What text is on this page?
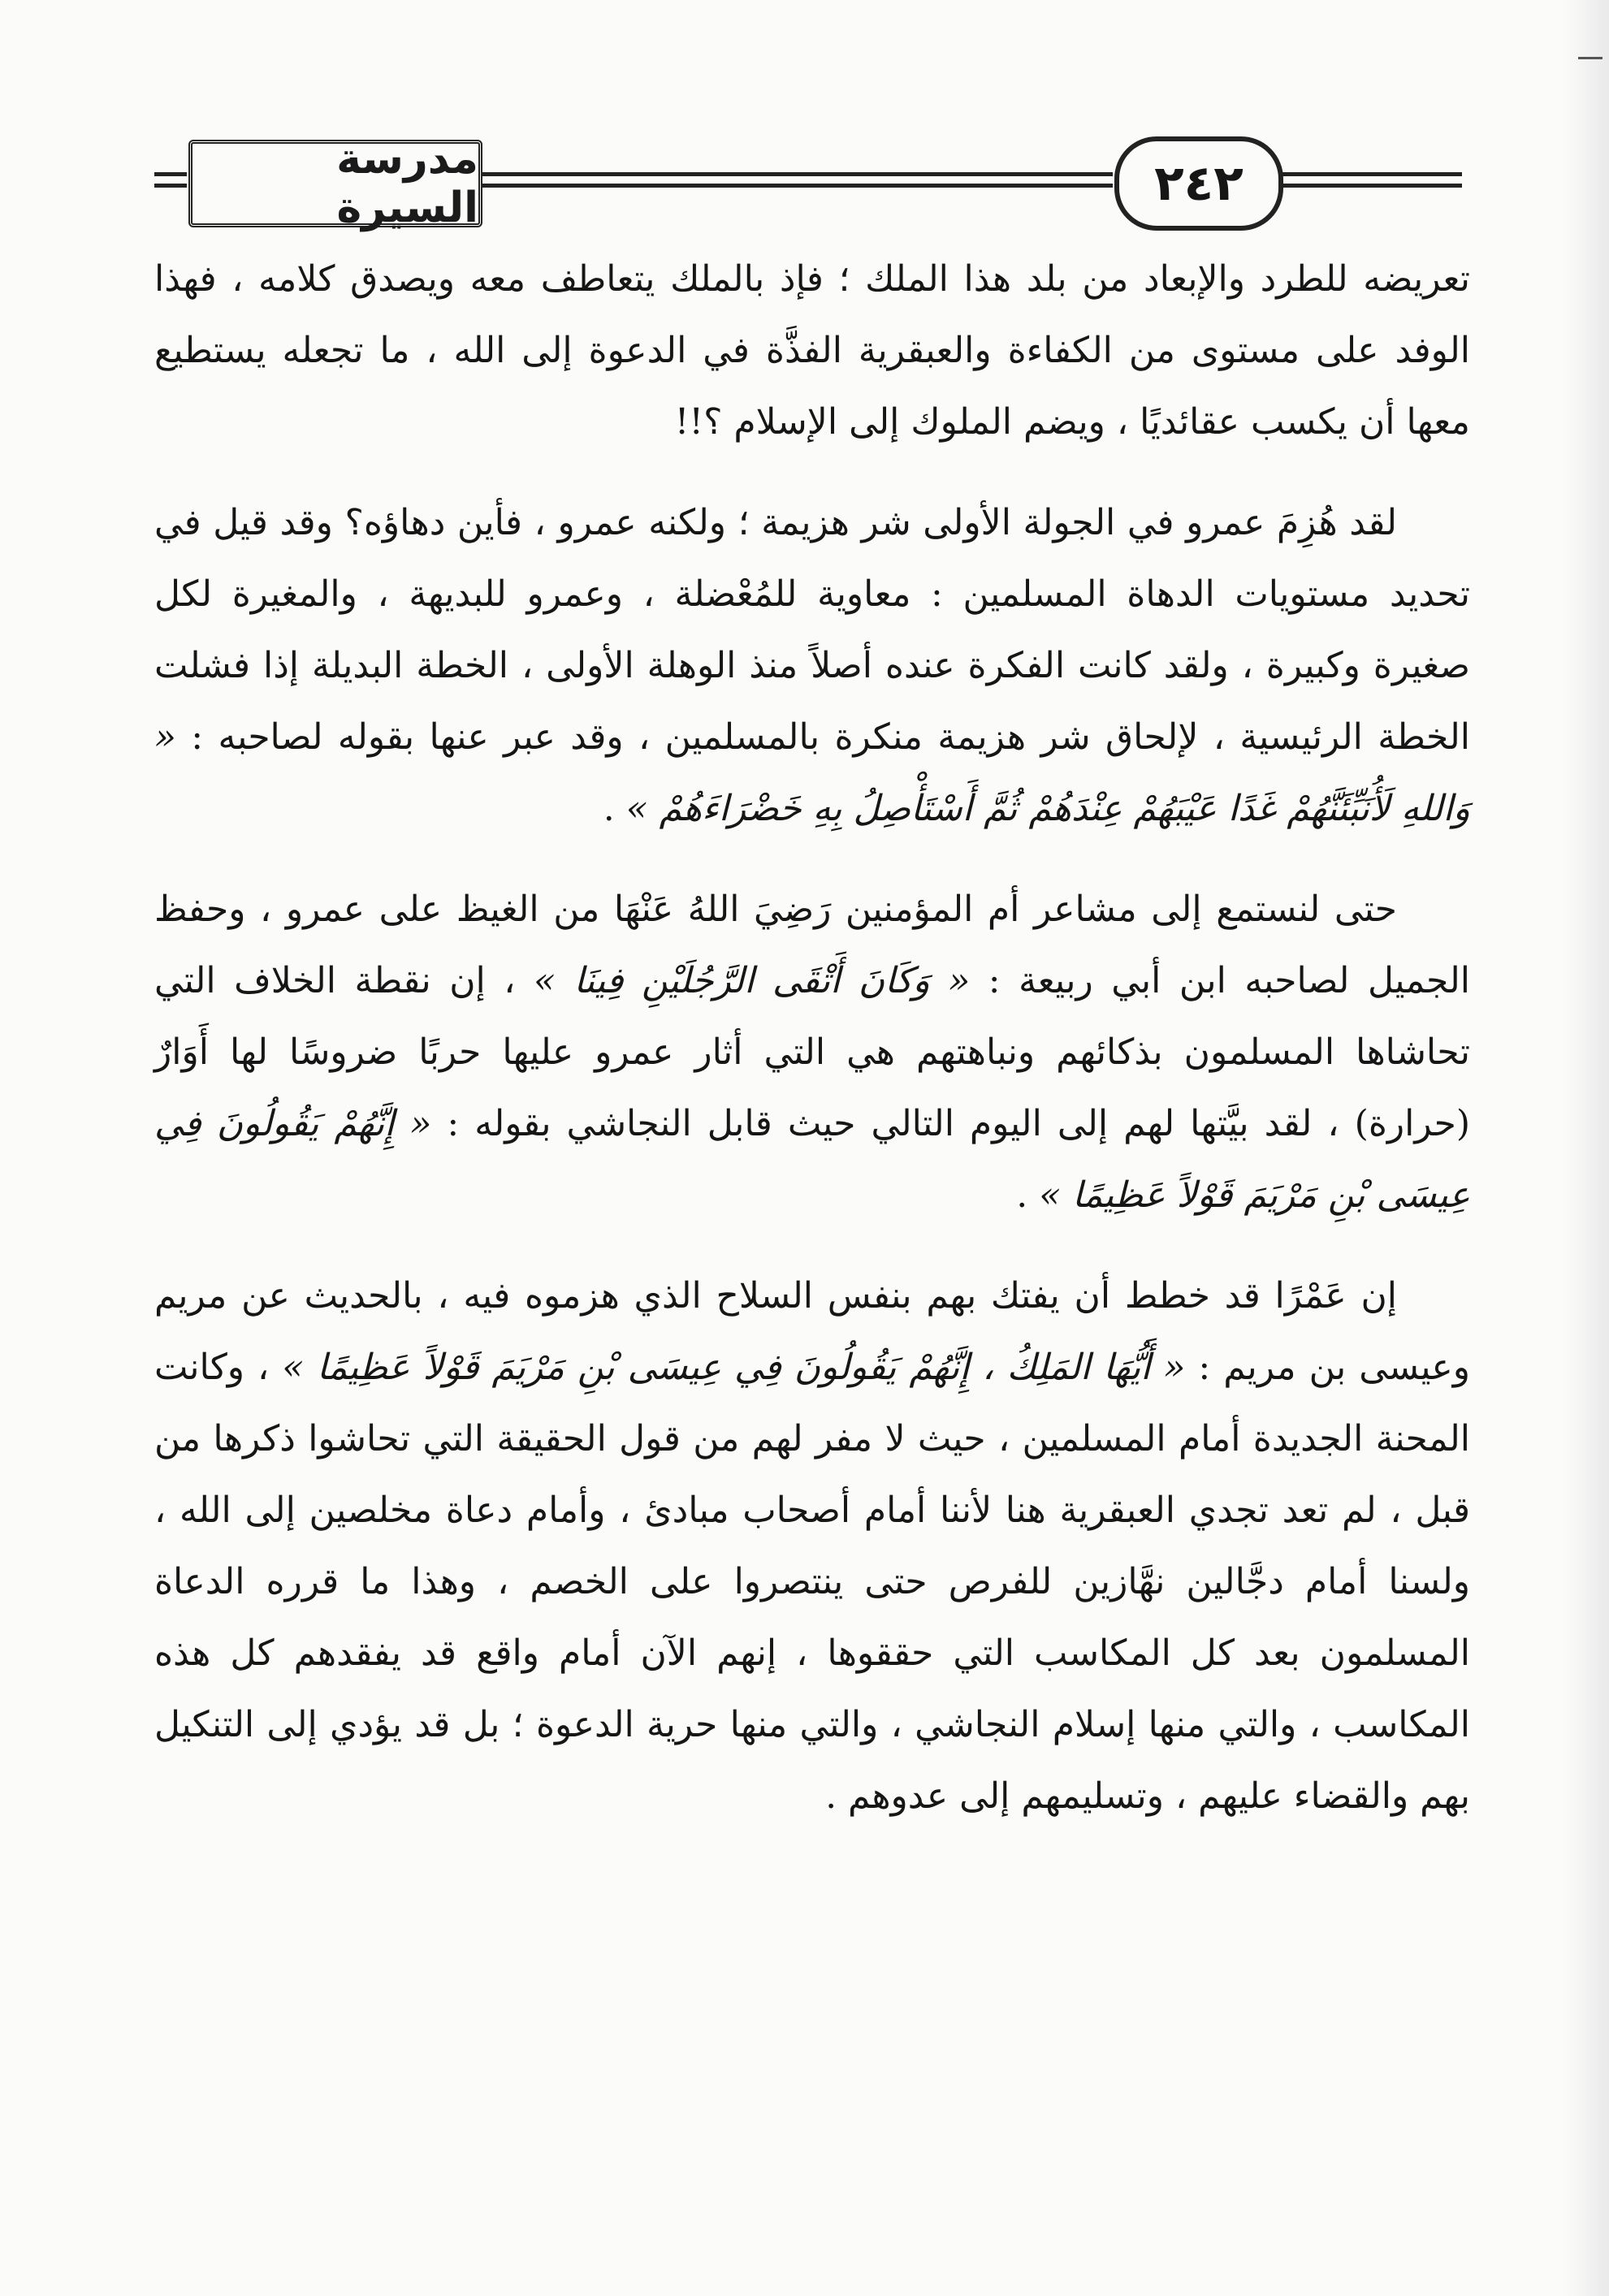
مدرسة السيرة	٢٤٢

تعريضه للطرد والإبعاد من بلد هذا الملك ؛ فإذ بالملك يتعاطف معه ويصدق كلامه ، فهذا الوفد على مستوى من الكفاءة والعبقرية الفذَّة في الدعوة إلى الله ، ما تجعله يستطيع معها أن يكسب عقائديًا ، ويضم الملوك إلى الإسلام ؟!!

لقد هُزِمَ عمرو في الجولة الأولى شر هزيمة ؛ ولكنه عمرو ، فأين دهاؤه؟ وقد قيل في تحديد مستويات الدهاة المسلمين : معاوية للمُعْضلة ، وعمرو للبديهة ، والمغيرة لكل صغيرة وكبيرة ، ولقد كانت الفكرة عنده أصلاً منذ الوهلة الأولى ، الخطة البديلة إذا فشلت الخطة الرئيسية ، لإلحاق شر هزيمة منكرة بالمسلمين ، وقد عبر عنها بقوله لصاحبه : « وَاللهِ لَأُنَبِّئَنَّهُمْ غَدًا عَيْبَهُمْ عِنْدَهُمْ ثُمَّ أَسْتَأْصِلُ بِهِ خَضْرَاءَهُمْ » .

حتى لنستمع إلى مشاعر أم المؤمنين رَضِيَ اللهُ عَنْهَا من الغيظ على عمرو ، وحفظ الجميل لصاحبه ابن أبي ربيعة : « وَكَانَ أَتْقَى الرَّجُلَيْنِ فِينَا » ، إن نقطة الخلاف التي تحاشاها المسلمون بذكائهم ونباهتهم هي التي أثار عمرو عليها حربًا ضروسًا لها أَوَارٌ (حرارة) ، لقد بيَّتها لهم إلى اليوم التالي حيث قابل النجاشي بقوله : « إِنَّهُمْ يَقُولُونَ فِي عِيسَى بْنِ مَرْيَمَ قَوْلاً عَظِيمًا » .

إن عَمْرًا قد خطط أن يفتك بهم بنفس السلاح الذي هزموه فيه ، بالحديث عن مريم وعيسى بن مريم : « أَيُّهَا المَلِكُ ، إِنَّهُمْ يَقُولُونَ فِي عِيسَى بْنِ مَرْيَمَ قَوْلاً عَظِيمًا » ، وكانت المحنة الجديدة أمام المسلمين ، حيث لا مفر لهم من قول الحقيقة التي تحاشوا ذكرها من قبل ، لم تعد تجدي العبقرية هنا لأننا أمام أصحاب مبادئ ، وأمام دعاة مخلصين إلى الله ، ولسنا أمام دجَّالين نهَّازين للفرص حتى ينتصروا على الخصم ، وهذا ما قرره الدعاة المسلمون بعد كل المكاسب التي حققوها ، إنهم الآن أمام واقع قد يفقدهم كل هذه المكاسب ، والتي منها إسلام النجاشي ، والتي منها حرية الدعوة ؛ بل قد يؤدي إلى التنكيل بهم والقضاء عليهم ، وتسليمهم إلى عدوهم .
